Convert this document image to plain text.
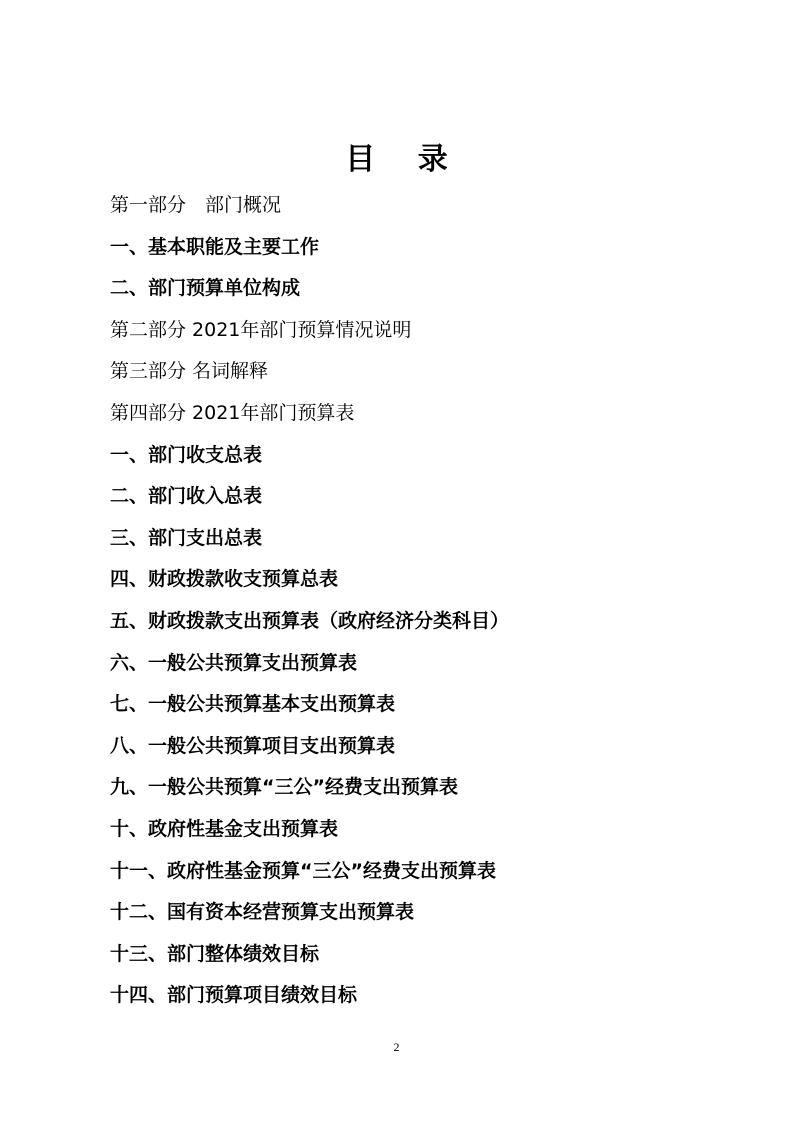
目 录
第一部分　部门概况
一、基本职能及主要工作
二、部门预算单位构成
第二部分 2021年部门预算情况说明
第三部分 名词解释
第四部分 2021年部门预算表
一、部门收支总表
二、部门收入总表
三、部门支出总表
四、财政拨款收支预算总表
五、财政拨款支出预算表（政府经济分类科目）
六、一般公共预算支出预算表
七、一般公共预算基本支出预算表
八、一般公共预算项目支出预算表
九、一般公共预算“三公”经费支出预算表
十、政府性基金支出预算表
十一、政府性基金预算“三公”经费支出预算表
十二、国有资本经营预算支出预算表
十三、部门整体绩效目标
十四、部门预算项目绩效目标
2
